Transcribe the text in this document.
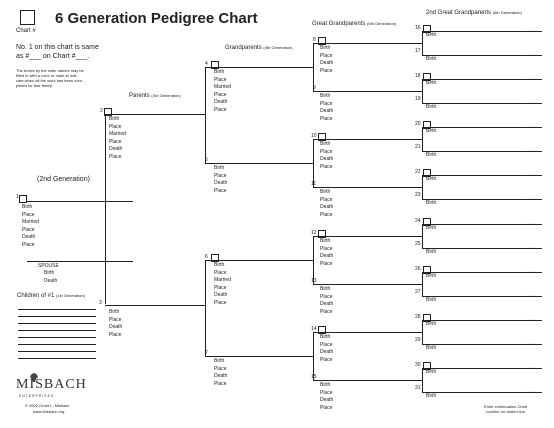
Chart #
6 Generation Pedigree Chart
No. 1 on this chart is same
as #___ on Chart #___.
The boxes by the male names may be
filled in with a color or mark to indi-
cate when all the work has been com-
pleted for that family.
Parents (3rd Generation)
Grandparents (4th Generation)
Great Grandparents (5th Generation)
2nd Great Grandparents (6th Generation)
(2nd Generation)
1
Birth
Place
Married
Place
Death
Place
SPOUSE
Birth
Death
Children of #1 (1st Generation)
2
Birth
Place
Married
Place
Death
Place
3
Birth
Place
Death
Place
4
Birth
Place
Married
Place
Death
Place
5
Birth
Place
Death
Place
6
Birth
Place
Married
Place
Death
Place
7
Birth
Place
Death
Place
8
Birth
Place
Death
Place
9
Birth
Place
Death
Place
10
Birth
Place
Death
Place
11
Birth
Place
Death
Place
12
Birth
Place
Death
Place
13
Birth
Place
Death
Place
14
Birth
Place
Death
Place
15
Birth
Place
Death
Place
16	.........
Birth
17	.........
Birth
18	.........
Birth
19	.........
Birth
20	.........
Birth
21	.........
Birth
22	.........
Birth
23	.........
Birth
24	.........
Birth
25	.........
Birth
26	.........
Birth
27	.........
Birth
28	.........
Birth
29	.........
Birth
30	.........
Birth
31	.........
Birth
MISBACH
E N T E R P R I S E S
© 2002 Grant L. Misbach
www.Misbach.org
Enter continuation Chart
number on dotted line
